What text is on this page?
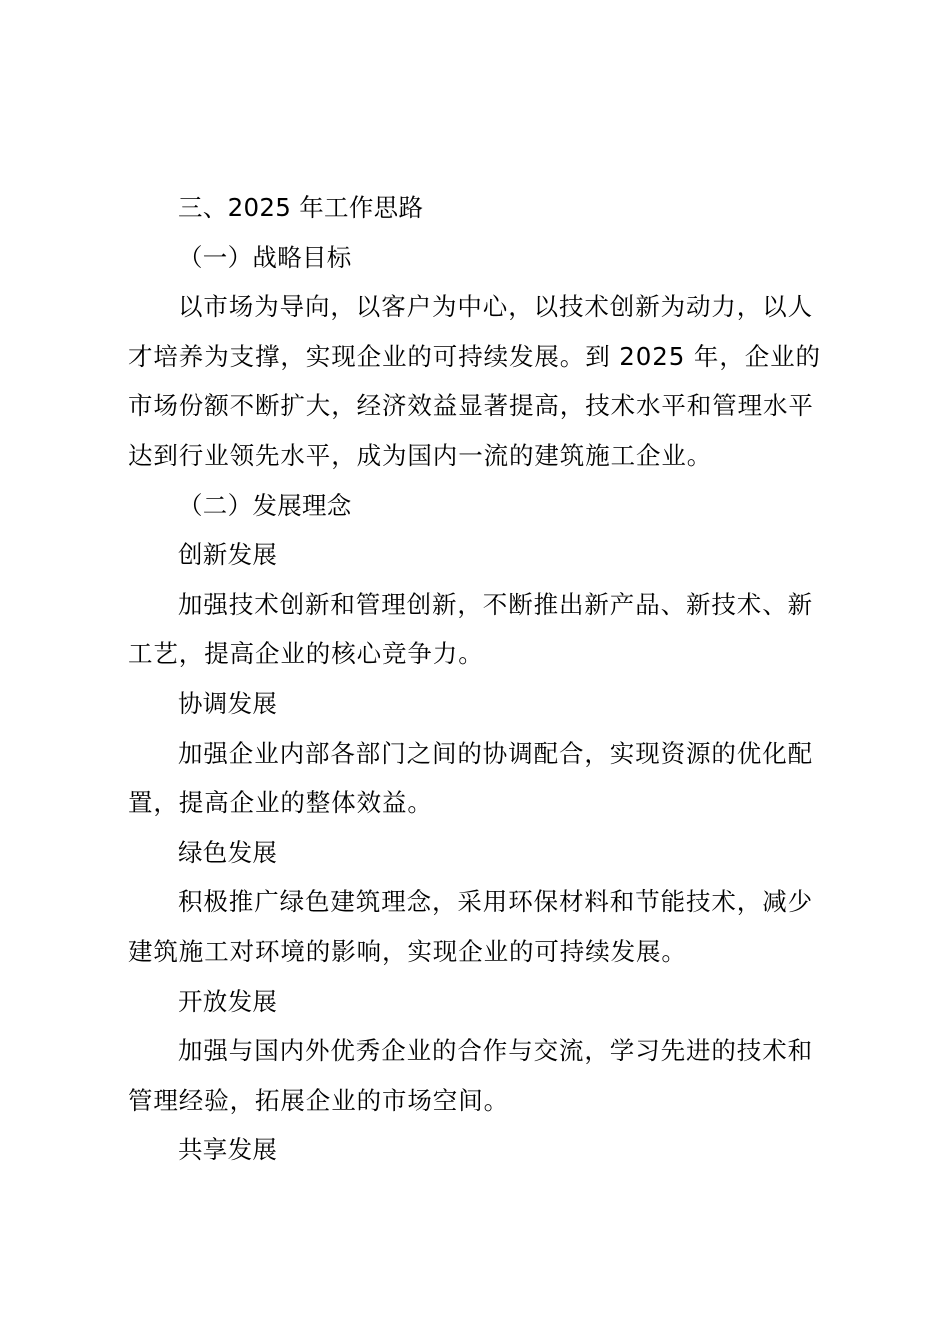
三、2025 年工作思路
（一）战略目标
以市场为导向，以客户为中心，以技术创新为动力，以人
才培养为支撑，实现企业的可持续发展。到 2025 年，企业的
市场份额不断扩大，经济效益显著提高，技术水平和管理水平
达到行业领先水平，成为国内一流的建筑施工企业。
（二）发展理念
创新发展
加强技术创新和管理创新，不断推出新产品、新技术、新
工艺，提高企业的核心竞争力。
协调发展
加强企业内部各部门之间的协调配合，实现资源的优化配
置，提高企业的整体效益。
绿色发展
积极推广绿色建筑理念，采用环保材料和节能技术，减少
建筑施工对环境的影响，实现企业的可持续发展。
开放发展
加强与国内外优秀企业的合作与交流，学习先进的技术和
管理经验，拓展企业的市场空间。
共享发展
